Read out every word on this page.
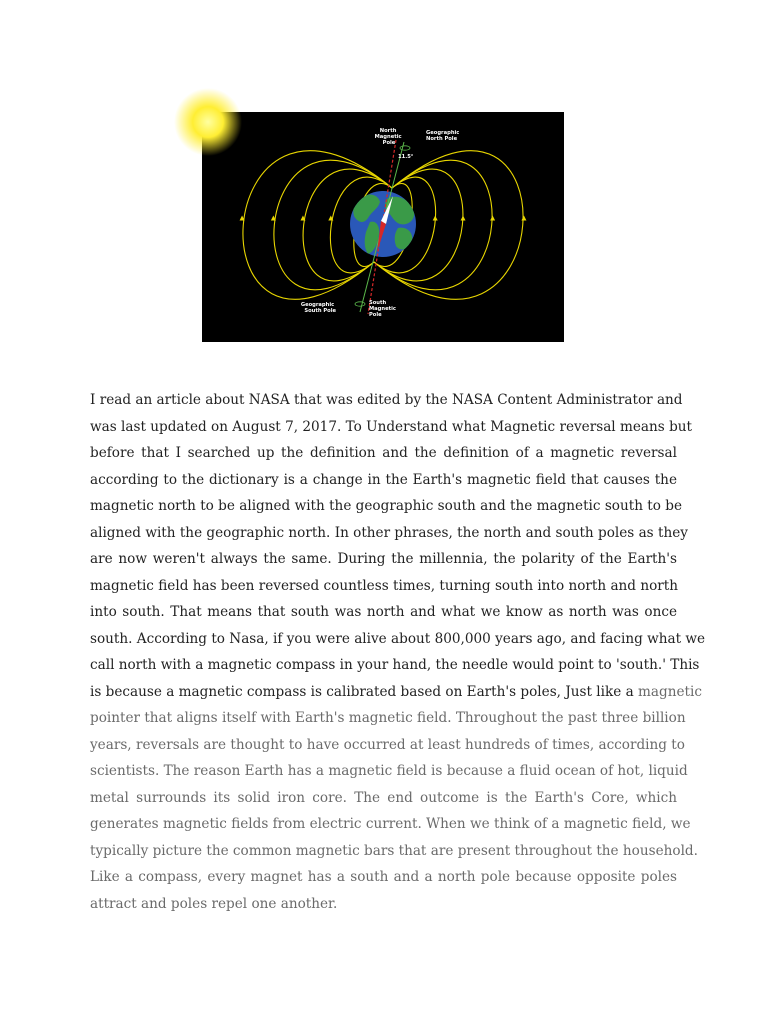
North Magnetic Pole
Geographic North Pole
11.5°
Geographic South Pole
South Magnetic Pole
I read an article about NASA that was edited by the NASA Content Administrator and
was last updated on August 7, 2017. To Understand what Magnetic reversal means but
before that I searched up the definition and the definition of a magnetic reversal
according to the dictionary is a change in the Earth's magnetic field that causes the
magnetic north to be aligned with the geographic south and the magnetic south to be
aligned with the geographic north. In other phrases, the north and south poles as they
are now weren't always the same. During the millennia, the polarity of the Earth's
magnetic field has been reversed countless times, turning south into north and north
into south. That means that south was north and what we know as north was once
south. According to Nasa, if you were alive about 800,000 years ago, and facing what we
call north with a magnetic compass in your hand, the needle would point to 'south.' This
is because a magnetic compass is calibrated based on Earth's poles, Just like a magnetic
pointer that aligns itself with Earth's magnetic field. Throughout the past three billion
years, reversals are thought to have occurred at least hundreds of times, according to
scientists. The reason Earth has a magnetic field is because a fluid ocean of hot, liquid
metal surrounds its solid iron core. The end outcome is the Earth's Core, which
generates magnetic fields from electric current. When we think of a magnetic field, we
typically picture the common magnetic bars that are present throughout the household.
Like a compass, every magnet has a south and a north pole because opposite poles
attract and poles repel one another.
